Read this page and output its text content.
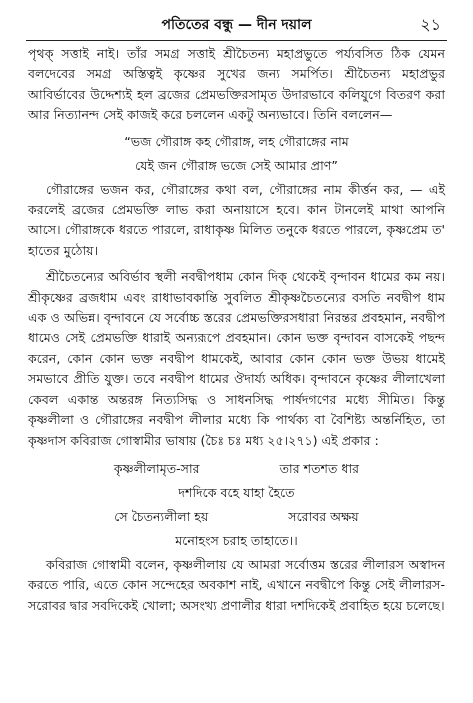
পতিতের বন্ধু — দীন দয়াল	২১

পৃথক্ সত্তাই নাই। তাঁর সমগ্র সত্তাই শ্রীচৈতন্য মহাপ্রভুতে পর্য্যবসিত ঠিক যেমন বলদেবের সমগ্র অস্তিত্বই কৃষ্ণের সুখের জন্য সমর্পিত। শ্রীচৈতন্য মহাপ্রভুর আবির্ভাবের উদ্দেশ্যই হল ব্রজের প্রেমভক্তিরসামৃত উদারভাবে কলিযুগে বিতরণ করা আর নিত্যানন্দ সেই কাজই করে চললেন একটু অন্যভাবে। তিনি বললেন—

“ভজ গৌরাঙ্গ কহ গৌরাঙ্গ, লহ গৌরাঙ্গের নাম

যেই জন গৌরাঙ্গ ভজে সেই আমার প্রাণ”

গৌরাঙ্গের ভজন কর, গৌরাঙ্গের কথা বল, গৌরাঙ্গের নাম কীর্ত্তন কর, — এই করলেই ব্রজের প্রেমভক্তি লাভ করা অনায়াসে হবে। কান টানলেই মাথা আপনি আসে। গৌরাঙ্গকে ধরতে পারলে, রাধাকৃষ্ণ মিলিত তনুকে ধরতে পারলে, কৃষ্ণপ্রেম ত' হাতের মুঠোয়।

শ্রীচৈতন্যের অবির্ভাব স্থলী নবদ্বীপধাম কোন দিক্ থেকেই বৃন্দাবন ধামের কম নয়। শ্রীকৃষ্ণের ব্রজধাম এবং রাধাভাবকান্তি সুবলিত শ্রীকৃষ্ণচৈতন্যের বসতি নবদ্বীপ ধাম এক ও অভিন্ন। বৃন্দাবনে যে সর্বোচ্চ স্তরের প্রেমভক্তিরসধারা নিরন্তর প্রবহমান, নবদ্বীপ ধামেও সেই প্রেমভক্তি ধারাই অন্যরূপে প্রবহমান। কোন ভক্ত বৃন্দাবন বাসকেই পছন্দ করেন, কোন কোন ভক্ত নবদ্বীপ ধামকেই, আবার কোন কোন ভক্ত উভয় ধামেই সমভাবে প্রীতি যুক্ত। তবে নবদ্বীপ ধামের ঔদার্য্য অধিক। বৃন্দাবনে কৃষ্ণের লীলাখেলা কেবল একান্ত অন্তরঙ্গ নিত্যসিদ্ধ ও সাধনসিদ্ধ পার্ষদগণের মধ্যে সীমিত। কিন্তু কৃষ্ণলীলা ও গৌরাঙ্গের নবদ্বীপ লীলার মধ্যে কি পার্থক্য বা বৈশিষ্ট্য অন্তর্নিহিত, তা কৃষ্ণদাস কবিরাজ গোস্বামীর ভাষায় (চৈঃ চঃ মধ্য ২৫।২৭১) এই প্রকার :

কৃষ্ণলীলামৃত-সার	তার শতশত ধার

দশদিকে বহে যাহা হৈতে

সে চৈতন্যলীলা হয়	সরোবর অক্ষয়

মনোহংস চরাহ তাহাতে।।

কবিরাজ গোস্বামী বলেন, কৃষ্ণলীলায় যে আমরা সর্বোত্তম স্তরের লীলারস অস্বাদন করতে পারি, এতে কোন সন্দেহের অবকাশ নাই, এখানে নবদ্বীপে কিন্তু সেই লীলারস-সরোবর দ্বার সবদিকেই খোলা; অসংখ্য প্রণালীর ধারা দশদিকেই প্রবাহিত হয়ে চলেছে।
